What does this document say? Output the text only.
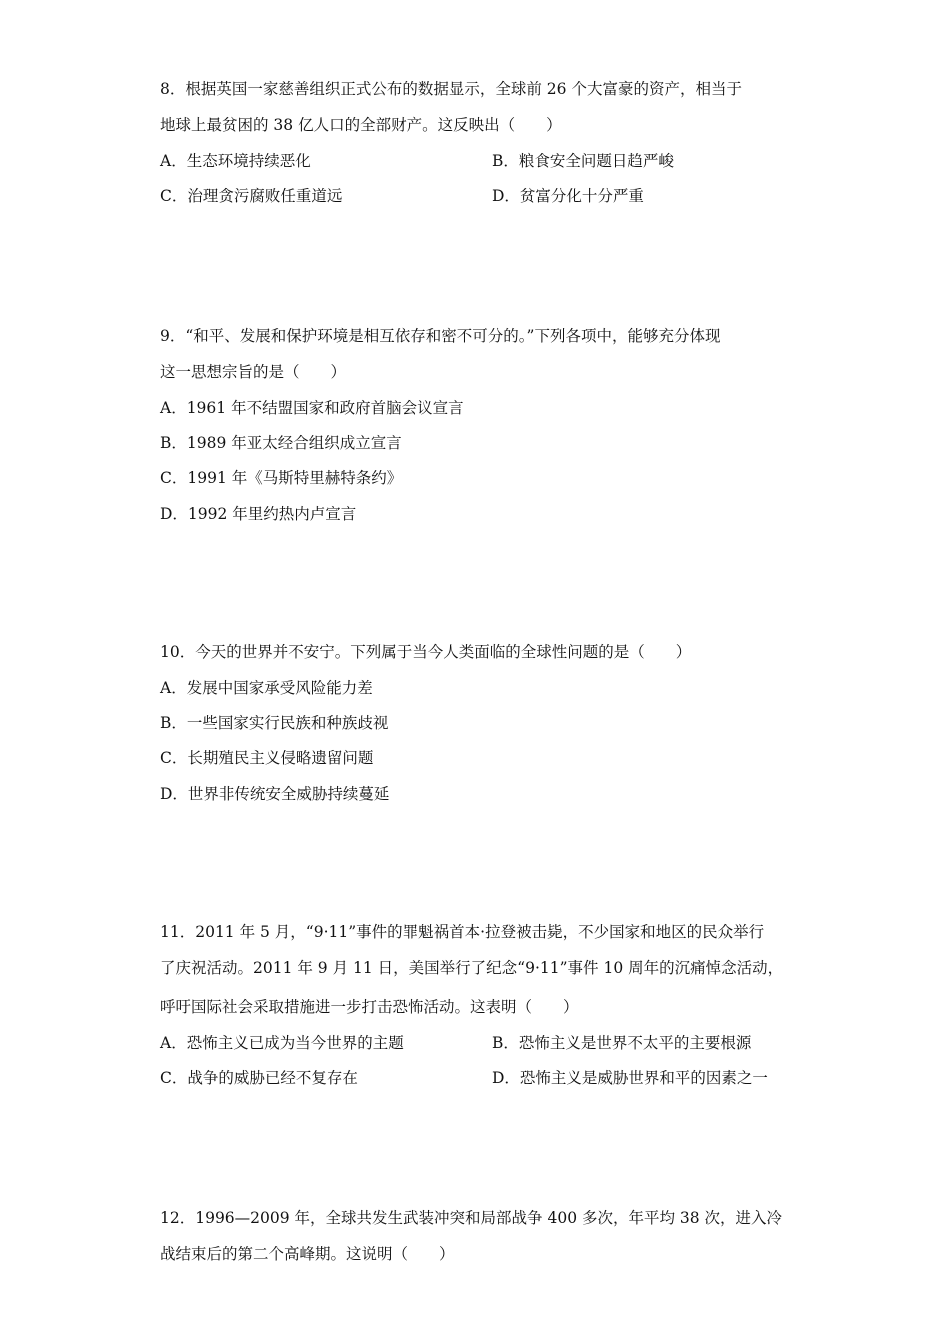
8．根据英国一家慈善组织正式公布的数据显示，全球前 26 个大富豪的资产，相当于
地球上最贫困的 38 亿人口的全部财产。这反映出（　　）
A．生态环境持续恶化	B．粮食安全问题日趋严峻
C．治理贪污腐败任重道远	D．贫富分化十分严重
9．“和平、发展和保护环境是相互依存和密不可分的。”下列各项中，能够充分体现
这一思想宗旨的是（　　）
A．1961 年不结盟国家和政府首脑会议宣言
B．1989 年亚太经合组织成立宣言
C．1991 年《马斯特里赫特条约》
D．1992 年里约热内卢宣言
10．今天的世界并不安宁。下列属于当今人类面临的全球性问题的是（　　）
A．发展中国家承受风险能力差
B．一些国家实行民族和种族歧视
C．长期殖民主义侵略遗留问题
D．世界非传统安全威胁持续蔓延
11．2011 年 5 月，“9·11”事件的罪魁祸首本·拉登被击毙，不少国家和地区的民众举行
了庆祝活动。2011 年 9 月 11 日，美国举行了纪念“9·11”事件 10 周年的沉痛悼念活动，
呼吁国际社会采取措施进一步打击恐怖活动。这表明（　　）
A．恐怖主义已成为当今世界的主题	B．恐怖主义是世界不太平的主要根源
C．战争的威胁已经不复存在	D．恐怖主义是威胁世界和平的因素之一
12．1996—2009 年，全球共发生武装冲突和局部战争 400 多次，年平均 38 次，进入冷
战结束后的第二个高峰期。这说明（　　）
